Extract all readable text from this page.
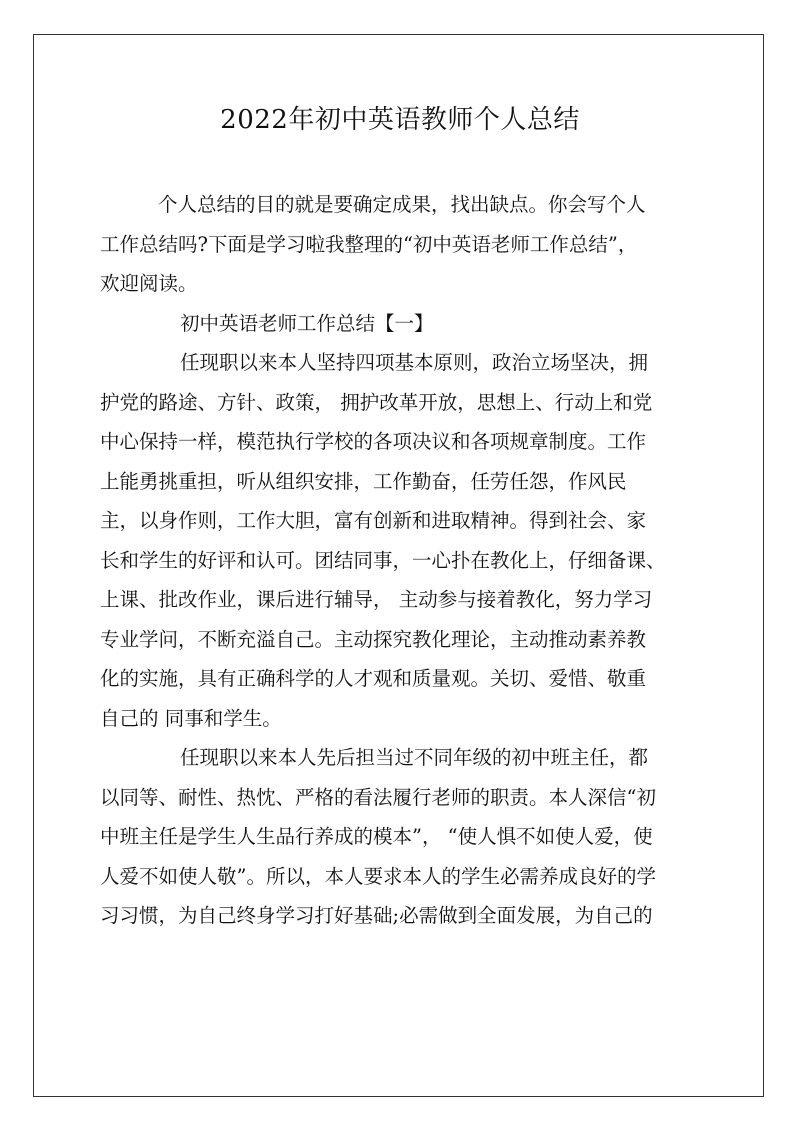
2022年初中英语教师个人总结

个人总结的目的就是要确定成果，找出缺点。你会写个人
工作总结吗?下面是学习啦我整理的“初中英语老师工作总结”，
欢迎阅读。

初中英语老师工作总结【一】

任现职以来本人坚持四项基本原则，政治立场坚决，拥
护党的路途、方针、政策， 拥护改革开放，思想上、行动上和党
中心保持一样，模范执行学校的各项决议和各项规章制度。工作
上能勇挑重担，听从组织安排，工作勤奋，任劳任怨，作风民
主，以身作则，工作大胆，富有创新和进取精神。得到社会、家
长和学生的好评和认可。团结同事，一心扑在教化上，仔细备课、
上课、批改作业，课后进行辅导， 主动参与接着教化，努力学习
专业学问，不断充溢自己。主动探究教化理论，主动推动素养教
化的实施，具有正确科学的人才观和质量观。关切、爱惜、敬重
自己的 同事和学生。

任现职以来本人先后担当过不同年级的初中班主任，都
以同等、耐性、热忱、严格的看法履行老师的职责。本人深信“初
中班主任是学生人生品行养成的模本”， “使人惧不如使人爱，使
人爱不如使人敬”。所以，本人要求本人的学生必需养成良好的学
习习惯，为自己终身学习打好基础;必需做到全面发展，为自己的
